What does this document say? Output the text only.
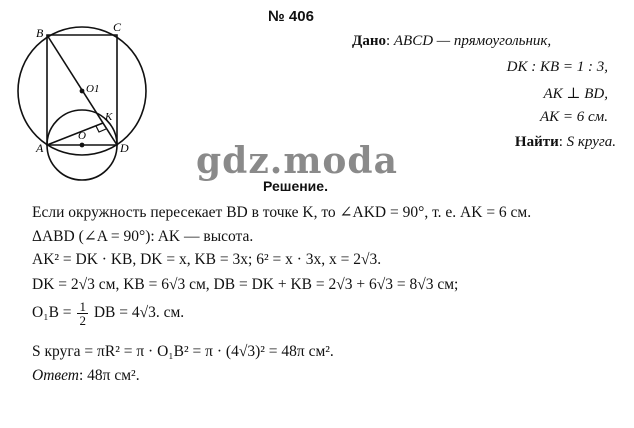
№ 406
B	C
A	D
O1
O
K
Дано: ABCD — прямоугольник,
DK : KB = 1 : 3,
AK ⊥ BD,
AK = 6 см.
Найти: S круга.
gdz.moda
Решение.
Если окружность пересекает BD в точке K, то ∠AKD = 90°, т. е. AK = 6 см.
ΔABD (∠A = 90°): AK — высота.
AK² = DK · KB, DK = x, KB = 3x; 6² = x · 3x, x = 2√3.
DK = 2√3 см, KB = 6√3 см, DB = DK + KB = 2√3 + 6√3 = 8√3 см;
$O_1B = \frac{1}{2}$ DB = 4√3. см.
S круга = πR² = π · O₁B² = π · (4√3)² = 48π см².
Ответ: 48π см².
